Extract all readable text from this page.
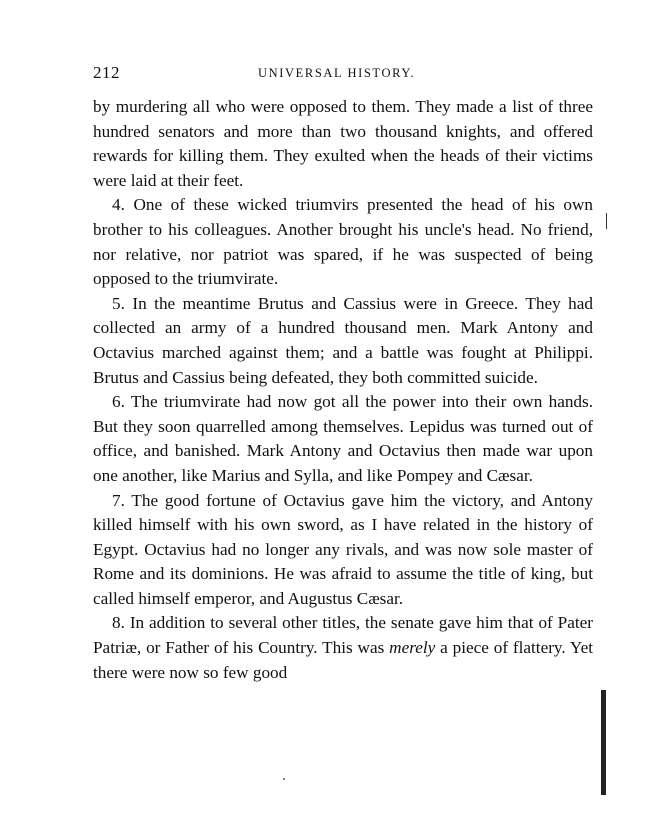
212	UNIVERSAL HISTORY.

by murdering all who were opposed to them. They made a list of three hundred senators and more than two thousand knights, and offered rewards for killing them. They exulted when the heads of their victims were laid at their feet.

4. One of these wicked triumvirs presented the head of his own brother to his colleagues. Another brought his uncle's head. No friend, nor relative, nor patriot was spared, if he was suspected of being opposed to the triumvirate.

5. In the meantime Brutus and Cassius were in Greece. They had collected an army of a hundred thousand men. Mark Antony and Octavius marched against them; and a battle was fought at Philippi. Brutus and Cassius being defeated, they both committed suicide.

6. The triumvirate had now got all the power into their own hands. But they soon quarrelled among themselves. Lepidus was turned out of office, and banished. Mark Antony and Octavius then made war upon one another, like Marius and Sylla, and like Pompey and Cæsar.

7. The good fortune of Octavius gave him the victory, and Antony killed himself with his own sword, as I have related in the history of Egypt. Octavius had no longer any rivals, and was now sole master of Rome and its dominions. He was afraid to assume the title of king, but called himself emperor, and Augustus Cæsar.

8. In addition to several other titles, the senate gave him that of Pater Patriæ, or Father of his Country. This was merely a piece of flattery. Yet there were now so few good
